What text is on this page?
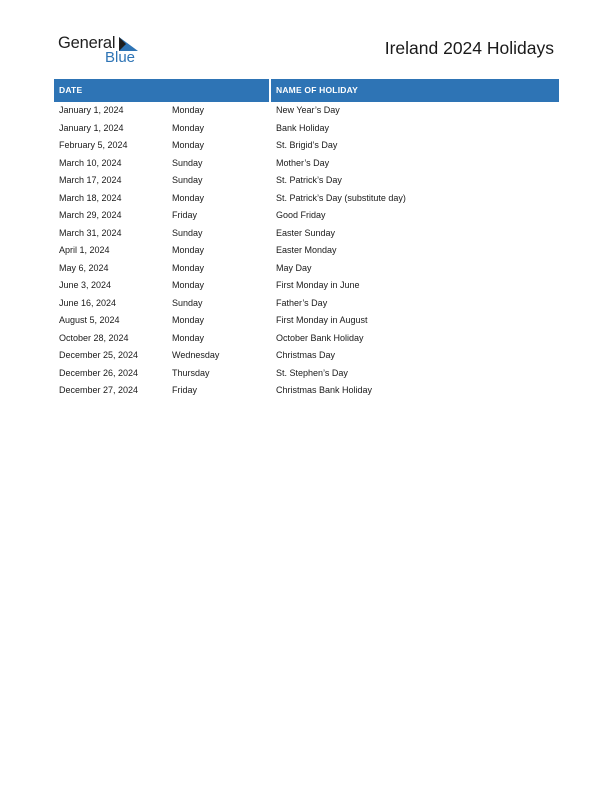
General
Blue	Ireland 2024 Holidays
DATE	NAME OF HOLIDAY
January 1, 2024	Monday	New Year’s Day
January 1, 2024	Monday	Bank Holiday
February 5, 2024	Monday	St. Brigid’s Day
March 10, 2024	Sunday	Mother’s Day
March 17, 2024	Sunday	St. Patrick’s Day
March 18, 2024	Monday	St. Patrick’s Day (substitute day)
March 29, 2024	Friday	Good Friday
March 31, 2024	Sunday	Easter Sunday
April 1, 2024	Monday	Easter Monday
May 6, 2024	Monday	May Day
June 3, 2024	Monday	First Monday in June
June 16, 2024	Sunday	Father’s Day
August 5, 2024	Monday	First Monday in August
October 28, 2024	Monday	October Bank Holiday
December 25, 2024	Wednesday	Christmas Day
December 26, 2024	Thursday	St. Stephen’s Day
December 27, 2024	Friday	Christmas Bank Holiday
